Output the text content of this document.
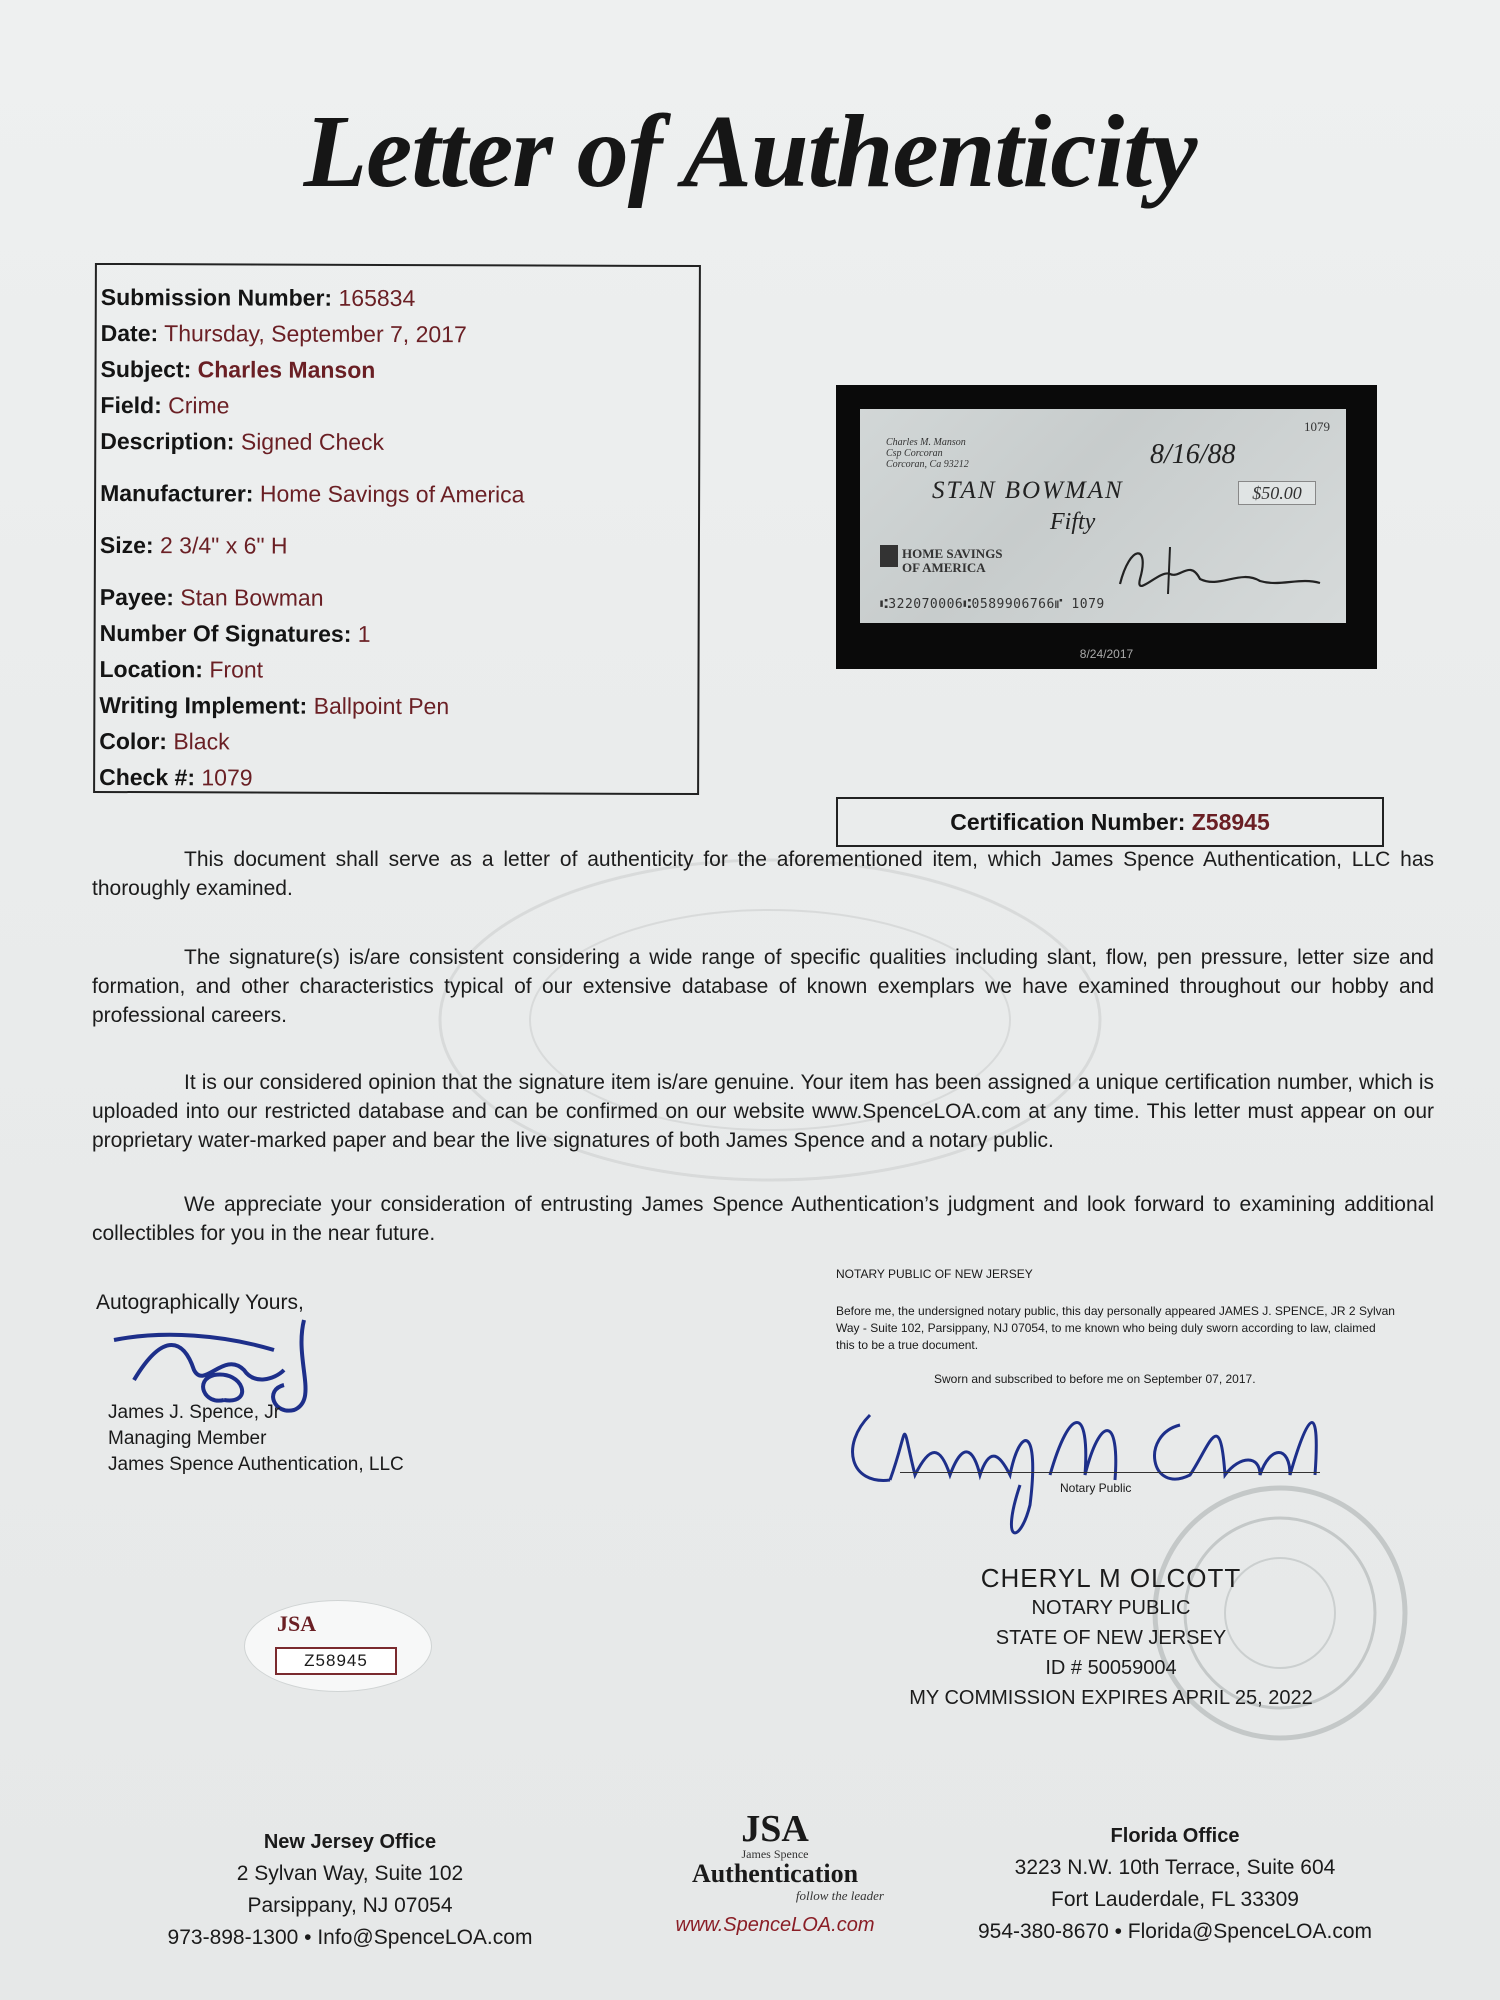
Letter of Authenticity
Submission Number: 165834
Date: Thursday, September 7, 2017
Subject: Charles Manson
Field: Crime
Description: Signed Check
Manufacturer: Home Savings of America
Size: 2 3/4" x 6" H
Payee: Stan Bowman
Number Of Signatures: 1
Location: Front
Writing Implement: Ballpoint Pen
Color: Black
Check #: 1079
Charles M. Manson
Csp Corcoran
Corcoran, Ca 93212
1079
8/16/88
STAN BOWMAN	$50.00
Fifty
HOME SAVINGS
OF AMERICA
⑆322070006⑆0589906766⑈ 1079
8/24/2017
Certification Number: Z58945

This document shall serve as a letter of authenticity for the aforementioned item, which James Spence Authentication, LLC has thoroughly examined.

The signature(s) is/are consistent considering a wide range of specific qualities including slant, flow, pen pressure, letter size and formation, and other characteristics typical of our extensive database of known exemplars we have examined throughout our hobby and professional careers.

It is our considered opinion that the signature item is/are genuine. Your item has been assigned a unique certification number, which is uploaded into our restricted database and can be confirmed on our website www.SpenceLOA.com at any time. This letter must appear on our proprietary water-marked paper and bear the live signatures of both James Spence and a notary public.

We appreciate your consideration of entrusting James Spence Authentication’s judgment and look forward to examining additional collectibles for you in the near future.

Autographically Yours,
James J. Spence, Jr
Managing Member
James Spence Authentication, LLC
NOTARY PUBLIC OF NEW JERSEY
Before me, the undersigned notary public, this day personally appeared JAMES J. SPENCE, JR 2 Sylvan Way - Suite 102, Parsippany, NJ 07054, to me known who being duly sworn according to law, claimed this to be a true document.
Sworn and subscribed to before me on September 07, 2017.
Notary Public
CHERYL M OLCOTT
NOTARY PUBLIC
STATE OF NEW JERSEY
ID # 50059004
MY COMMISSION EXPIRES APRIL 25, 2022
JSA
Z58945
New Jersey Office
2 Sylvan Way, Suite 102
Parsippany, NJ 07054
973-898-1300 • Info@SpenceLOA.com
JSA
James Spence
Authentication
follow the leader
www.SpenceLOA.com
Florida Office
3223 N.W. 10th Terrace, Suite 604
Fort Lauderdale, FL 33309
954-380-8670 • Florida@SpenceLOA.com
